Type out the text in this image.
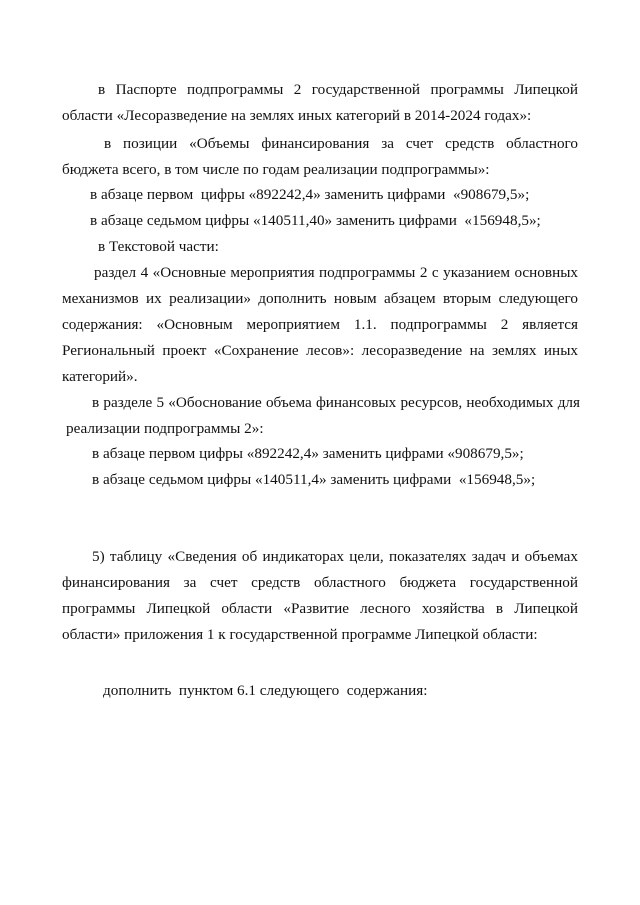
в Паспорте подпрограммы 2 государственной программы Липецкой
области «Лесоразведение на землях иных категорий в 2014-2024 годах»:
в позиции «Объемы финансирования за счет средств областного
бюджета всего, в том числе по годам реализации подпрограммы»:
в абзаце первом  цифры «892242,4» заменить цифрами  «908679,5»;
в абзаце седьмом цифры «140511,40» заменить цифрами  «156948,5»;
в Текстовой части:
раздел 4 «Основные мероприятия подпрограммы 2 с указанием основных
механизмов их реализации» дополнить новым абзацем вторым следующего
содержания: «Основным мероприятием 1.1. подпрограммы 2 является
Региональный проект «Сохранение лесов»: лесоразведение на землях иных
категорий».
в разделе 5 «Обоснование объема финансовых ресурсов, необходимых для
реализации подпрограммы 2»:
в абзаце первом цифры «892242,4» заменить цифрами «908679,5»;
в абзаце седьмом цифры «140511,4» заменить цифрами  «156948,5»;
5) таблицу «Сведения об индикаторах цели, показателях задач и объемах
финансирования за счет средств областного бюджета государственной
программы Липецкой области «Развитие лесного хозяйства в Липецкой
области» приложения 1 к государственной программе Липецкой области:
дополнить  пунктом 6.1 следующего  содержания:
